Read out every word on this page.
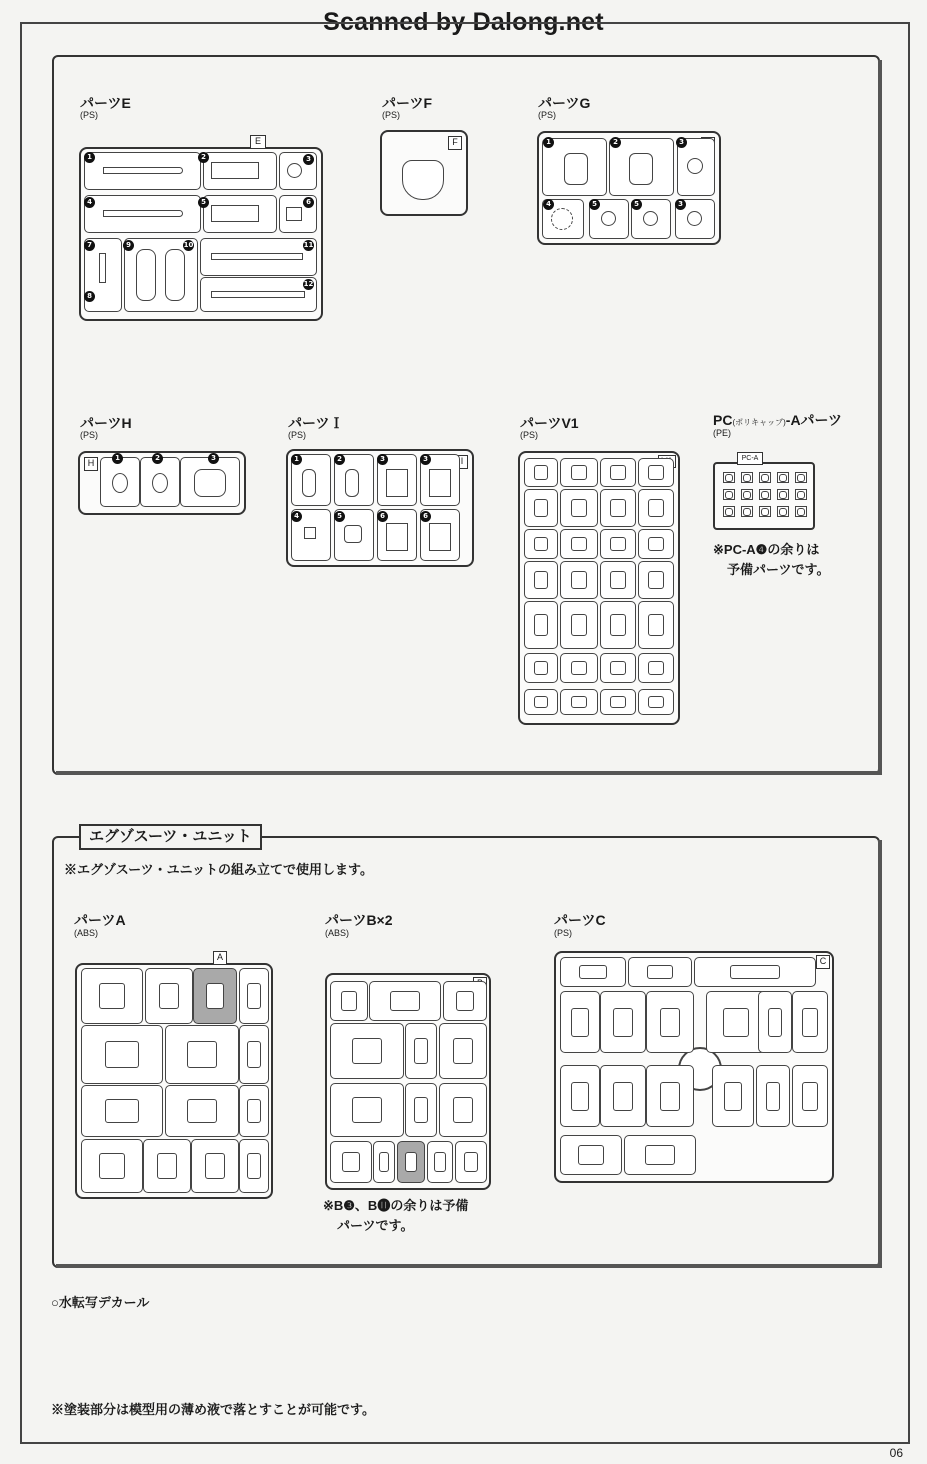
Scanned by Dalong.net
パーツE
(PS)
E
1	2	3
4	5	6
7	9	10	11
8
12
パーツF
(PS)
F
パーツG
(PS)
1	2	3
4	5	5	3
パーツH
(PS)
H	1	2	3
パーツＩ
(PS)
I
1	2	3	3
4	5	6	6
パーツV1
(PS)
PC(ポリキャップ)-Aパーツ
(PE)
PC-A
※PC-A❹の余りは
予備パーツです。
エグゾスーツ・ユニット
※エグゾスーツ・ユニットの組み立てで使用します。
パーツA
(ABS)
A
パーツB×2
(ABS)
※B❸、B⓫の余りは予備
パーツです。
パーツC
(PS)
C
○水転写デカール
※塗装部分は模型用の薄め液で落とすことが可能です。
06
